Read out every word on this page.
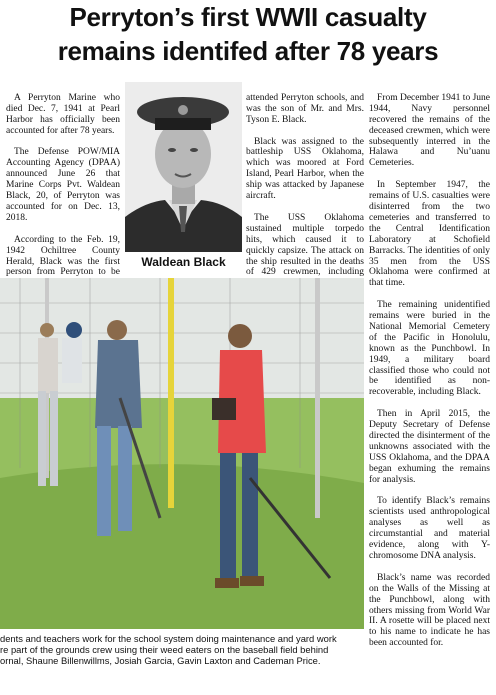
Perryton’s first WWII casualty
remains identifed after 78 years

A Perryton Marine who died Dec. 7, 1941 at Pearl Harbor has officially been accounted for after 78 years.

The Defense POW/MIA Accounting Agency (DPAA) announced June 26 that Marine Corps Pvt. Waldean Black, 20, of Perryton was accounted for on Dec. 13, 2018.

According to the Feb. 19, 1942 Ochiltree County Herald, Black was the first person from Perryton to be

Waldean Black

attended Perryton schools, and was the son of Mr. and Mrs. Tyson E. Black.

Black was assigned to the battleship USS Oklahoma, which was moored at Ford Island, Pearl Harbor, when the ship was attacked by Japanese aircraft.

The USS Oklahoma sustained multiple torpedo hits, which caused it to quickly capsize. The attack on the ship resulted in the deaths of 429 crewmen, including

From December 1941 to June 1944, Navy personnel recovered the remains of the deceased crewmen, which were subsequently interred in the Halawa and Nu’uanu Cemeteries.

In September 1947, the remains of U.S. casualties were disinterred from the two cemeteries and transferred to the Central Identification Laboratory at Schofield Barracks. The identities of only 35 men from the USS Oklahoma were confirmed at that time.

The remaining unidentified remains were buried in the National Memorial Cemetery of the Pacific in Honolulu, known as the Punchbowl. In 1949, a military board classified those who could not be identified as non-recoverable, including Black.

Then in April 2015, the Deputy Secretary of Defense directed the disinterment of the unknowns associated with the USS Oklahoma, and the DPAA began exhuming the remains for analysis.

To identify Black’s remains scientists used anthropological analyses as well as circumstantial and material evidence, along with Y-chromosome DNA analysis.

Black’s name was recorded on the Walls of the Missing at the Punchbowl, along with others missing from World War II. A rosette will be placed next to his name to indicate he has been accounted for.

dents and teachers work for the school system doing maintenance and yard work
re part of the grounds crew using their weed eaters on the baseball field behind
ornal, Shaune Billenwillms, Josiah Garcia, Gavin Laxton and Cademan Price.
